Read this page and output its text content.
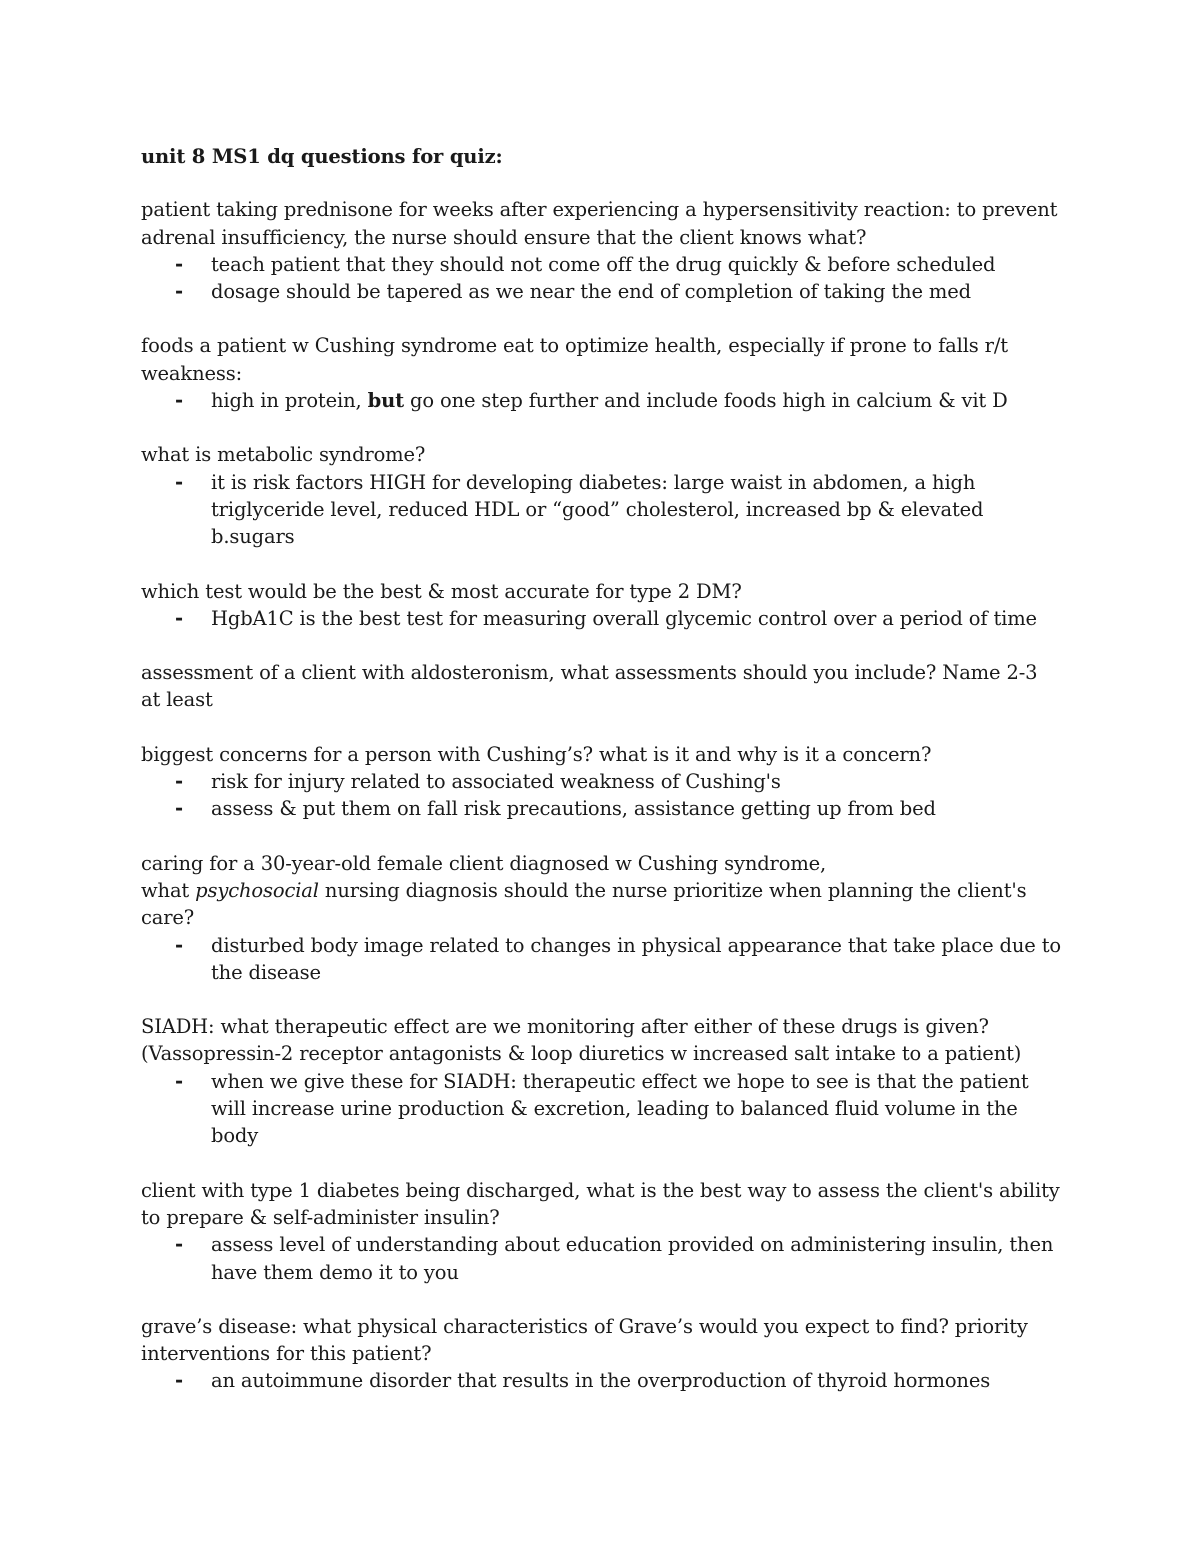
unit 8 MS1 dq questions for quiz:
patient taking prednisone for weeks after experiencing a hypersensitivity reaction: to prevent adrenal insufficiency, the nurse should ensure that the client knows what?
- teach patient that they should not come off the drug quickly & before scheduled
- dosage should be tapered as we near the end of completion of taking the med
foods a patient w Cushing syndrome eat to optimize health, especially if prone to falls r/t weakness:
- high in protein, but go one step further and include foods high in calcium & vit D
what is metabolic syndrome?
- it is risk factors HIGH for developing diabetes: large waist in abdomen, a high triglyceride level, reduced HDL or “good” cholesterol, increased bp & elevated b.sugars
which test would be the best & most accurate for type 2 DM?
- HgbA1C is the best test for measuring overall glycemic control over a period of time
assessment of a client with aldosteronism, what assessments should you include? Name 2-3 at least
biggest concerns for a person with Cushing’s? what is it and why is it a concern?
- risk for injury related to associated weakness of Cushing's
- assess & put them on fall risk precautions, assistance getting up from bed
caring for a 30-year-old female client diagnosed w Cushing syndrome,
what psychosocial nursing diagnosis should the nurse prioritize when planning the client's care?
- disturbed body image related to changes in physical appearance that take place due to the disease
SIADH: what therapeutic effect are we monitoring after either of these drugs is given? (Vassopressin-2 receptor antagonists & loop diuretics w increased salt intake to a patient)
- when we give these for SIADH: therapeutic effect we hope to see is that the patient will increase urine production & excretion, leading to balanced fluid volume in the body
client with type 1 diabetes being discharged, what is the best way to assess the client's ability to prepare & self-administer insulin?
- assess level of understanding about education provided on administering insulin, then have them demo it to you
grave’s disease: what physical characteristics of Grave’s would you expect to find? priority interventions for this patient?
- an autoimmune disorder that results in the overproduction of thyroid hormones
